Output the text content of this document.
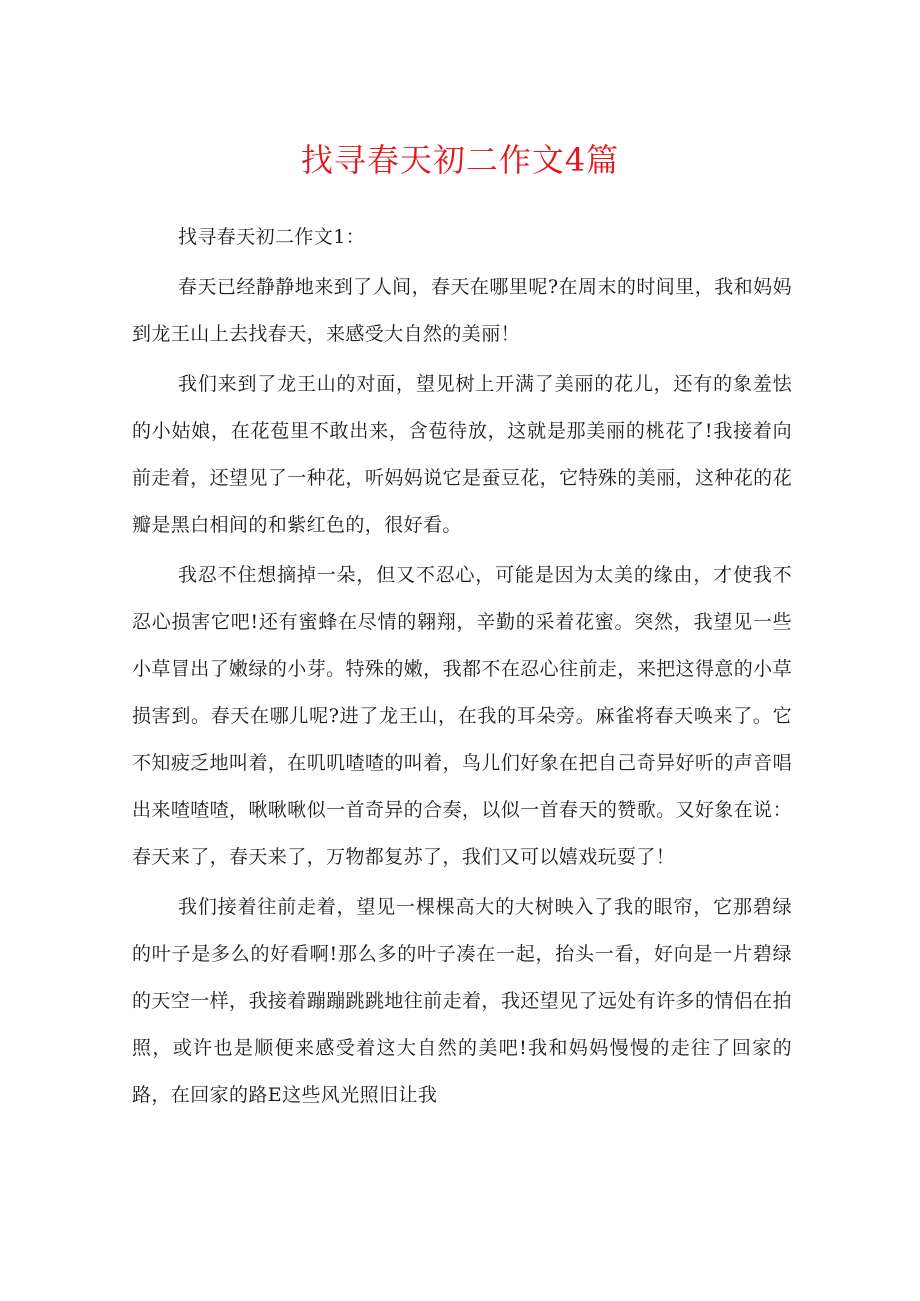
找寻春天初二作文4篇

找寻春天初二作文1：

春天已经静静地来到了人间，春天在哪里呢?在周末的时间里，我和妈妈到龙王山上去找春天，来感受大自然的美丽！

我们来到了龙王山的对面，望见树上开满了美丽的花儿，还有的象羞怯的小姑娘，在花苞里不敢出来，含苞待放，这就是那美丽的桃花了!我接着向前走着，还望见了一种花，听妈妈说它是蚕豆花，它特殊的美丽，这种花的花瓣是黑白相间的和紫红色的，很好看。

我忍不住想摘掉一朵，但又不忍心，可能是因为太美的缘由，才使我不忍心损害它吧!还有蜜蜂在尽情的翱翔，辛勤的采着花蜜。突然，我望见一些小草冒出了嫩绿的小芽。特殊的嫩，我都不在忍心往前走，来把这得意的小草损害到。春天在哪儿呢?进了龙王山，在我的耳朵旁。麻雀将春天唤来了。它不知疲乏地叫着，在叽叽喳喳的叫着，鸟儿们好象在把自己奇异好听的声音唱出来喳喳喳，啾啾啾似一首奇异的合奏，以似一首春天的赞歌。又好象在说：春天来了，春天来了，万物都复苏了，我们又可以嬉戏玩耍了！

我们接着往前走着，望见一棵棵高大的大树映入了我的眼帘，它那碧绿的叶子是多么的好看啊!那么多的叶子凑在一起，抬头一看，好向是一片碧绿的天空一样，我接着蹦蹦跳跳地往前走着，我还望见了远处有许多的情侣在拍照，或许也是顺便来感受着这大自然的美吧!我和妈妈慢慢的走往了回家的路，在回家的路E这些风光照旧让我
